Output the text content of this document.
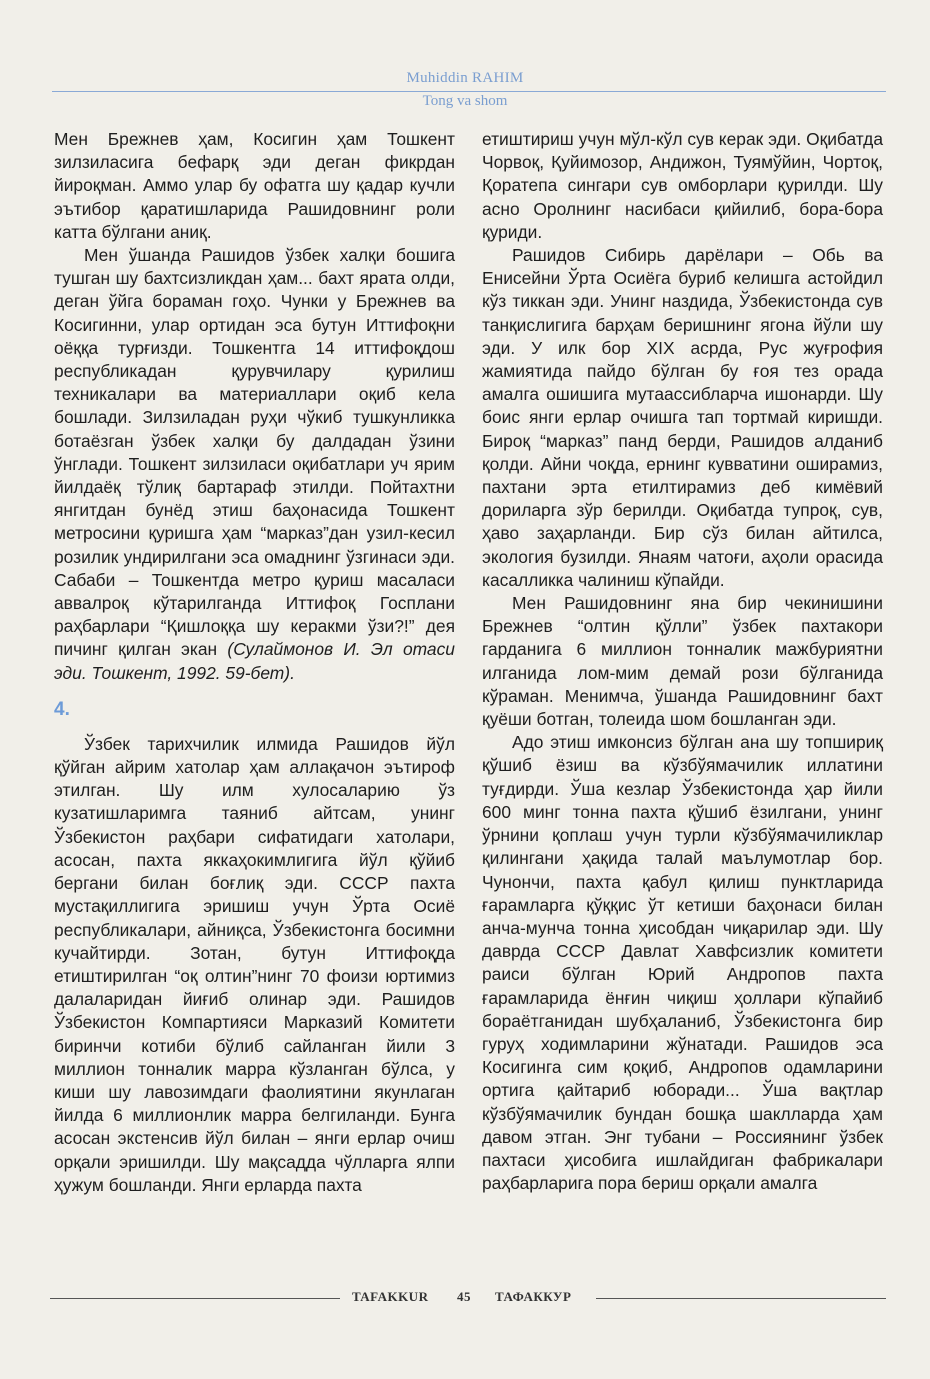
Muhiddin RAHIM
Tong va shom

Мен Брежнев ҳам, Косигин ҳам Тошкент зилзиласига бефарқ эди деган фикрдан йироқман. Аммо улар бу офатга шу қадар кучли эътибор қаратишларида Рашидовнинг роли катта бўлгани аниқ.

Мен ўшанда Рашидов ўзбек халқи бошига тушган шу бахтсизликдан ҳам... бахт ярата олди, деган ўйга бораман гоҳо. Чунки у Брежнев ва Косигинни, улар ортидан эса бутун Иттифоқни оёққа турғизди. Тошкентга 14 иттифоқдош республикадан қурувчилару қурилиш техникалари ва материаллари оқиб кела бошлади. Зилзиладан руҳи чўкиб тушкунликка ботаёзган ўзбек халқи бу далдадан ўзини ўнглади. Тошкент зилзиласи оқибатлари уч ярим йилдаёқ тўлиқ бартараф этилди. Пойтахтни янгитдан бунёд этиш баҳонасида Тошкент метросини қуришга ҳам “марказ”дан узил-кесил розилик ундирилгани эса омаднинг ўзгинаси эди. Сабаби – Тошкентда метро қуриш масаласи аввалроқ кўтарилганда Иттифоқ Госплани раҳбарлари “Қишлоққа шу керакми ўзи?!” дея пичинг қилган экан (Сулаймонов И. Эл отаси эди. Тошкент, 1992. 59-бет).

4.

Ўзбек тарихчилик илмида Рашидов йўл қўйган айрим хатолар ҳам аллақачон эътироф этилган. Шу илм хулосаларию ўз кузатишларимга таяниб айтсам, унинг Ўзбекистон раҳбари сифатидаги хатолари, асосан, пахта яккаҳокимлигига йўл қўйиб бергани билан боғлиқ эди. СССР пахта мустақиллигига эришиш учун Ўрта Осиё республикалари, айниқса, Ўзбекистонга босимни кучайтирди. Зотан, бутун Иттифоқда етиштирилган “оқ олтин”нинг 70 фоизи юртимиз далаларидан йиғиб олинар эди. Рашидов Ўзбекистон Компартияси Марказий Комитети биринчи котиби бўлиб сайланган йили 3 миллион тонналик марра кўзланган бўлса, у киши шу лавозимдаги фаолиятини якунлаган йилда 6 миллионлик марра белгиланди. Бунга асосан экстенсив йўл билан – янги ерлар очиш орқали эришилди. Шу мақсадда чўлларга ялпи ҳужум бошланди. Янги ерларда пахта

етиштириш учун мўл-кўл сув керак эди. Оқибатда Чорвоқ, Қуйимозор, Андижон, Туямўйин, Чортоқ, Қоратепа сингари сув омборлари қурилди. Шу асно Оролнинг насибаси қийилиб, бора-бора қуриди.

Рашидов Сибирь дарёлари – Обь ва Енисейни Ўрта Осиёга буриб келишга астойдил кўз тиккан эди. Унинг наздида, Ўзбекистонда сув танқислигига барҳам беришнинг ягона йўли шу эди. У илк бор XIX асрда, Рус жуғрофия жамиятида пайдо бўлган бу ғоя тез орада амалга ошишига мутаассибларча ишонарди. Шу боис янги ерлар очишга тап тортмай киришди. Бироқ “марказ” панд берди, Рашидов алданиб қолди. Айни чоқда, ернинг кувватини оширамиз, пахтани эрта етилтирамиз деб кимёвий дориларга зўр берилди. Оқибатда тупроқ, сув, ҳаво заҳарланди. Бир сўз билан айтилса, экология бузилди. Янаям чатоғи, аҳоли орасида касалликка чалиниш кўпайди.

Мен Рашидовнинг яна бир чекинишини Брежнев “олтин қўлли” ўзбек пахтакори гарданига 6 миллион тонналик мажбуриятни илганида лом-мим демай рози бўлганида кўраман. Менимча, ўшанда Рашидовнинг бахт қуёши ботган, толеида шом бошланган эди.

Адо этиш имконсиз бўлган ана шу топшириқ қўшиб ёзиш ва кўзбўямачилик иллатини туғдирди. Ўша кезлар Ўзбекистонда ҳар йили 600 минг тонна пахта қўшиб ёзилгани, унинг ўрнини қоплаш учун турли кўзбўямачиликлар қилингани ҳақида талай маълумотлар бор. Чунончи, пахта қабул қилиш пунктларида ғарамларга қўққис ўт кетиши баҳонаси билан анча-мунча тонна ҳисобдан чиқарилар эди. Шу даврда СССР Давлат Хавфсизлик комитети раиси бўлган Юрий Андропов пахта ғарамларида ёнғин чиқиш ҳоллари кўпайиб бораётганидан шубҳаланиб, Ўзбекистонга бир гуруҳ ходимларини жўнатади. Рашидов эса Косигинга сим қоқиб, Андропов одамларини ортига қайтариб юборади... Ўша вақтлар кўзбўямачилик бундан бошқа шаклларда ҳам давом этган. Энг тубани – Россиянинг ўзбек пахтаси ҳисобига ишлайдиган фабрикалари раҳбарларига пора бериш орқали амалга

TAFAKKUR 45 ТАФАККУР
